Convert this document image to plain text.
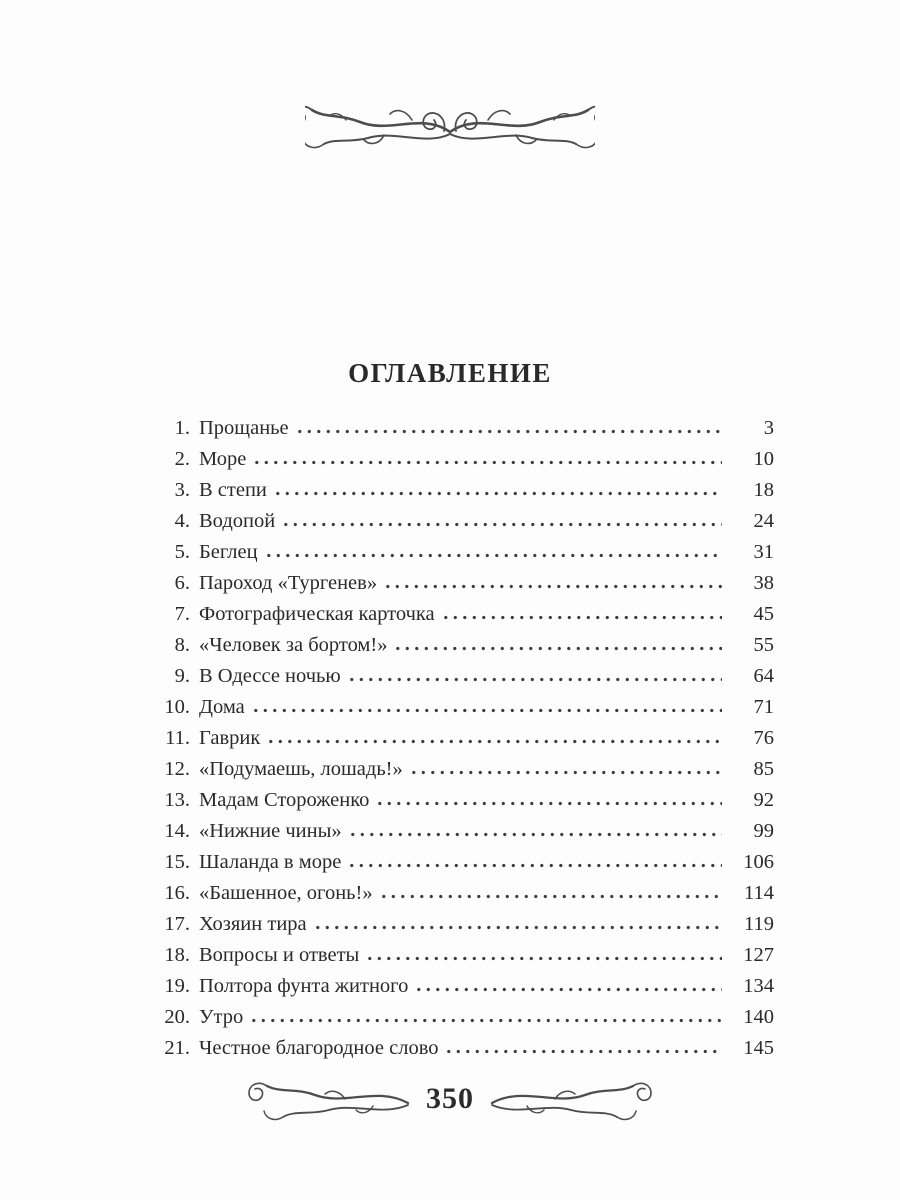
ОГЛАВЛЕНИЕ
1. Прощанье	3
2. Море	10
3. В степи	18
4. Водопой	24
5. Беглец	31
6. Пароход «Тургенев»	38
7. Фотографическая карточка	45
8. «Человек за бортом!»	55
9. В Одессе ночью	64
10. Дома	71
11. Гаврик	76
12. «Подумаешь, лошадь!»	85
13. Мадам Стороженко	92
14. «Нижние чины»	99
15. Шаланда в море	106
16. «Башенное, огонь!»	114
17. Хозяин тира	119
18. Вопросы и ответы	127
19. Полтора фунта житного	134
20. Утро	140
21. Честное благородное слово	145
350
